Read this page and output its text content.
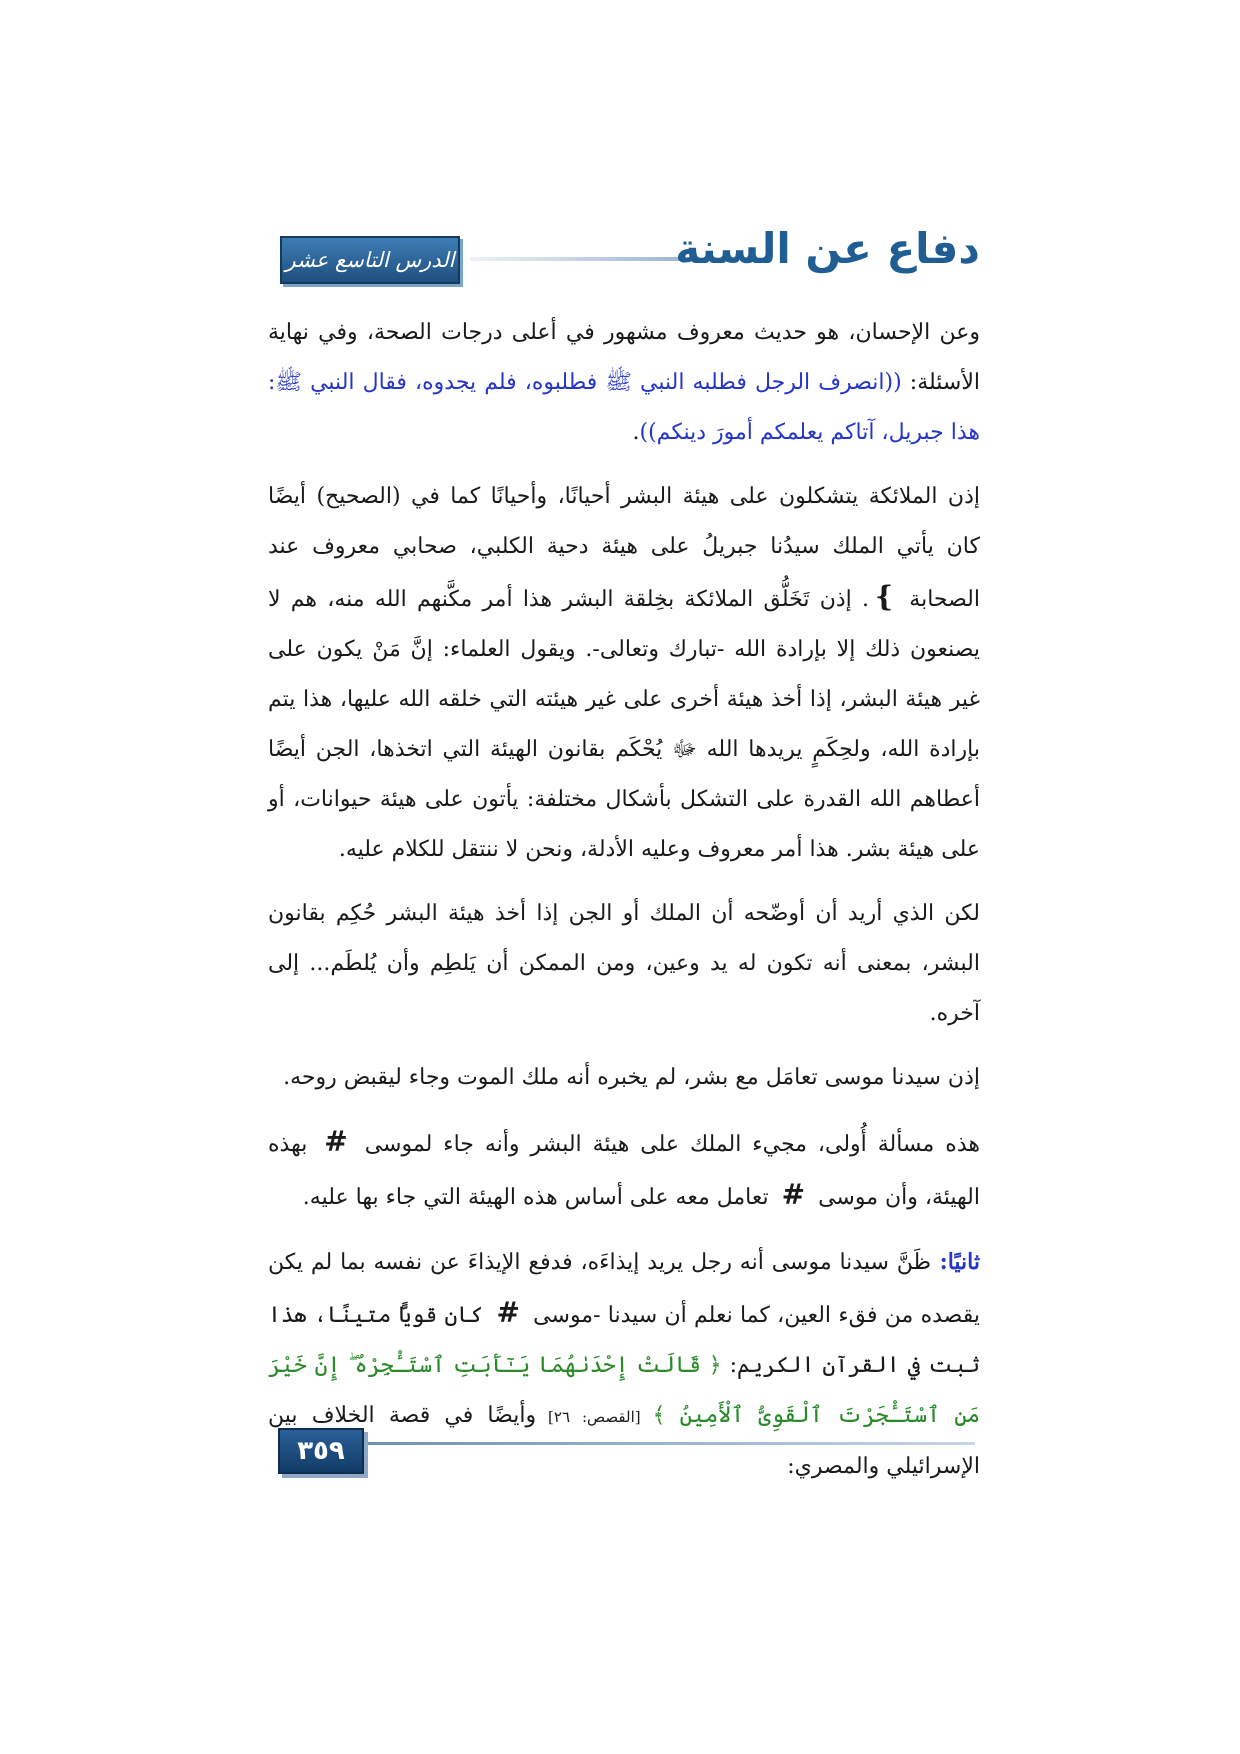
الدرس التاسع عشر	دفاع عن السنة

وعن الإحسان، هو حديث معروف مشهور في أعلى درجات الصحة، وفي نهاية الأسئلة: ((انصرف الرجل فطلبه النبي ﷺ فطلبوه، فلم يجدوه، فقال النبي ﷺ: هذا جبريل، آتاكم يعلمكم أمورَ دينكم)).

إذن الملائكة يتشكلون على هيئة البشر أحيانًا، وأحيانًا كما في (الصحيح) أيضًا كان يأتي الملك سيدُنا جبريلُ على هيئة دحية الكلبي، صحابي معروف عند الصحابة }. إذن تَخَلُّق الملائكة بخِلقة البشر هذا أمر مكَّنهم الله منه، هم لا يصنعون ذلك إلا بإرادة الله -تبارك وتعالى-. ويقول العلماء: إنَّ مَنْ يكون على غير هيئة البشر، إذا أخذ هيئة أخرى على غير هيئته التي خلقه الله عليها، هذا يتم بإرادة الله، ولحِكَمٍ يريدها الله ﷻ يُحْكَم بقانون الهيئة التي اتخذها، الجن أيضًا أعطاهم الله القدرة على التشكل بأشكال مختلفة: يأتون على هيئة حيوانات، أو على هيئة بشر. هذا أمر معروف وعليه الأدلة، ونحن لا ننتقل للكلام عليه.

لكن الذي أريد أن أوضّحه أن الملك أو الجن إذا أخذ هيئة البشر حُكِم بقانون البشر، بمعنى أنه تكون له يد وعين، ومن الممكن أن يَلطِم وأن يُلطَم... إلى آخره.

إذن سيدنا موسى تعامَل مع بشر، لم يخبره أنه ملك الموت وجاء ليقبض روحه.

هذه مسألة أُولى، مجيء الملك على هيئة البشر وأنه جاء لموسى # بهذه الهيئة، وأن موسى # تعامل معه على أساس هذه الهيئة التي جاء بها عليه.

ثانيًا: ظَنَّ سيدنا موسى أنه رجل يريد إيذاءَه، فدفع الإيذاءَ عن نفسه بما لم يكن يقصده من فقء العين، كما نعلم أن سيدنا -موسى # كان قويًّا متينًا، هذا ثبت في القرآن الكريم: ﴿ قَالَتْ إِحْدَىٰهُمَا يَـٰٓأَبَتِ ٱسْتَـْٔجِرْهُ ۖ إِنَّ خَيْرَ مَنِ ٱسْتَـْٔجَرْتَ ٱلْقَوِىُّ ٱلْأَمِينُ ﴾ [القصص: ٢٦] وأيضًا في قصة الخلاف بين الإسرائيلي والمصري:

٣٥٩
